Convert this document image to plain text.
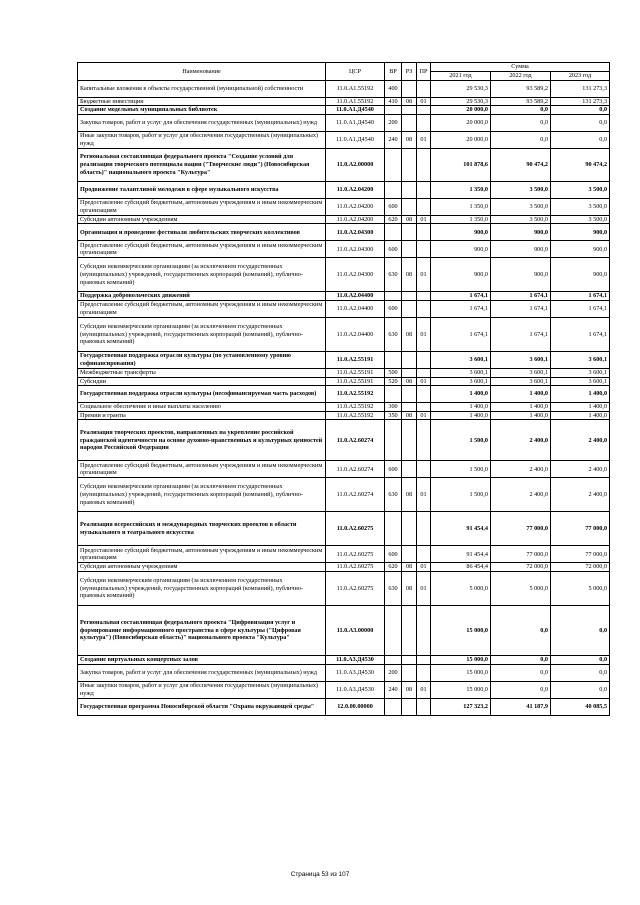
Наименование	ЦСР	ВР	РЗ	ПР	Сумма		
					2021 год	2022 год	2023 год
Капитальные вложения в объекты государственной (муниципальной) собственности	11.0.А1.55192	400			29 530,3	93 589,2	131 273,3
Бюджетные инвестиции	11.0.А1.55192	410	08	01	29 530,3	93 589,2	131 273,3
Создание модельных муниципальных библиотек	11.0.А1.Д4540				20 000,0	0,0	0,0
Закупка товаров, работ и услуг для обеспечения государственных (муниципальных) нужд	11.0.А1.Д4540	200			20 000,0	0,0	0,0
Иные закупки товаров, работ и услуг для обеспечения государственных (муниципальных) нужд	11.0.А1.Д4540	240	08	01	20 000,0	0,0	0,0
Региональная составляющая федерального проекта "Создание условий для реализации творческого потенциала нации ("Творческие люди") (Новосибирская область)" национального проекта "Культура"	11.0.А2.00000				101 878,6	90 474,2	90 474,2
Продвижение талантливой молодежи в сфере музыкального искусства	11.0.А2.04200				1 350,0	3 500,0	3 500,0
Предоставление субсидий бюджетным, автономным учреждениям и иным некоммерческим организациям	11.0.А2.04200	600			1 350,0	3 500,0	3 500,0
Субсидии автономным учреждениям	11.0.А2.04200	620	08	01	1 350,0	3 500,0	3 500,0
Организация и проведение фестиваля любительских творческих коллективов	11.0.А2.04300				900,0	900,0	900,0
Предоставление субсидий бюджетным, автономным учреждениям и иным некоммерческим организациям	11.0.А2.04300	600			900,0	900,0	900,0
Субсидии некоммерческим организациям (за исключением государственных (муниципальных) учреждений, государственных корпораций (компаний), публично-правовых компаний)	11.0.А2.04300	630	08	01	900,0	900,0	900,0
Поддержка добровольческих движений	11.0.А2.04400				1 674,1	1 674,1	1 674,1
Предоставление субсидий бюджетным, автономным учреждениям и иным некоммерческим организациям	11.0.А2.04400	600			1 674,1	1 674,1	1 674,1
Субсидии некоммерческим организациям (за исключением государственных (муниципальных) учреждений, государственных корпораций (компаний), публично-правовых компаний)	11.0.А2.04400	630	08	01	1 674,1	1 674,1	1 674,1
Государственная поддержка отрасли культуры (по установленному уровню софинансирования)	11.0.А2.55191				3 600,1	3 600,1	3 600,1
Межбюджетные трансферты	11.0.А2.55191	500			3 600,1	3 600,1	3 600,1
Субсидии	11.0.А2.55191	520	08	01	3 600,1	3 600,1	3 600,1
Государственная поддержка отрасли культуры (несофинансируемая часть расходов)	11.0.А2.55192				1 400,0	1 400,0	1 400,0
Социальное обеспечение и иные выплаты населению	11.0.А2.55192	300			1 400,0	1 400,0	1 400,0
Премии и гранты	11.0.А2.55192	350	08	01	1 400,0	1 400,0	1 400,0
Реализация творческих проектов, направленных на укрепление российской гражданской идентичности на основе духовно-нравственных и культурных ценностей народов Российской Федерации	11.0.А2.60274				1 500,0	2 400,0	2 400,0
Предоставление субсидий бюджетным, автономным учреждениям и иным некоммерческим организациям	11.0.А2.60274	600			1 500,0	2 400,0	2 400,0
Субсидии некоммерческим организациям (за исключением государственных (муниципальных) учреждений, государственных корпораций (компаний), публично-правовых компаний)	11.0.А2.60274	630	08	01	1 500,0	2 400,0	2 400,0
Реализация всероссийских и международных творческих проектов в области музыкального и театрального искусства	11.0.А2.60275				91 454,4	77 000,0	77 000,0
Предоставление субсидий бюджетным, автономным учреждениям и иным некоммерческим организациям	11.0.А2.60275	600			91 454,4	77 000,0	77 000,0
Субсидии автономным учреждениям	11.0.А2.60275	620	08	01	86 454,4	72 000,0	72 000,0
Субсидии некоммерческим организациям (за исключением государственных (муниципальных) учреждений, государственных корпораций (компаний), публично-правовых компаний)	11.0.А2.60275	630	08	01	5 000,0	5 000,0	5 000,0
Региональная составляющая федерального проекта "Цифровизация услуг и формирование информационного пространства в сфере культуры ("Цифровая культура") (Новосибирская область)" национального проекта "Культура"	11.0.А3.00000				15 000,0	0,0	0,0
Создание виртуальных концертных залов	11.0.А3.Д4530				15 000,0	0,0	0,0
Закупка товаров, работ и услуг для обеспечения государственных (муниципальных) нужд	11.0.А3.Д4530	200			15 000,0	0,0	0,0
Иные закупки товаров, работ и услуг для обеспечения государственных (муниципальных) нужд	11.0.А3.Д4530	240	08	01	15 000,0	0,0	0,0
Государственная программа Новосибирской области "Охрана окружающей среды"	12.0.00.00000				127 323,2	41 187,9	40 085,5
Страница 53 из 107
